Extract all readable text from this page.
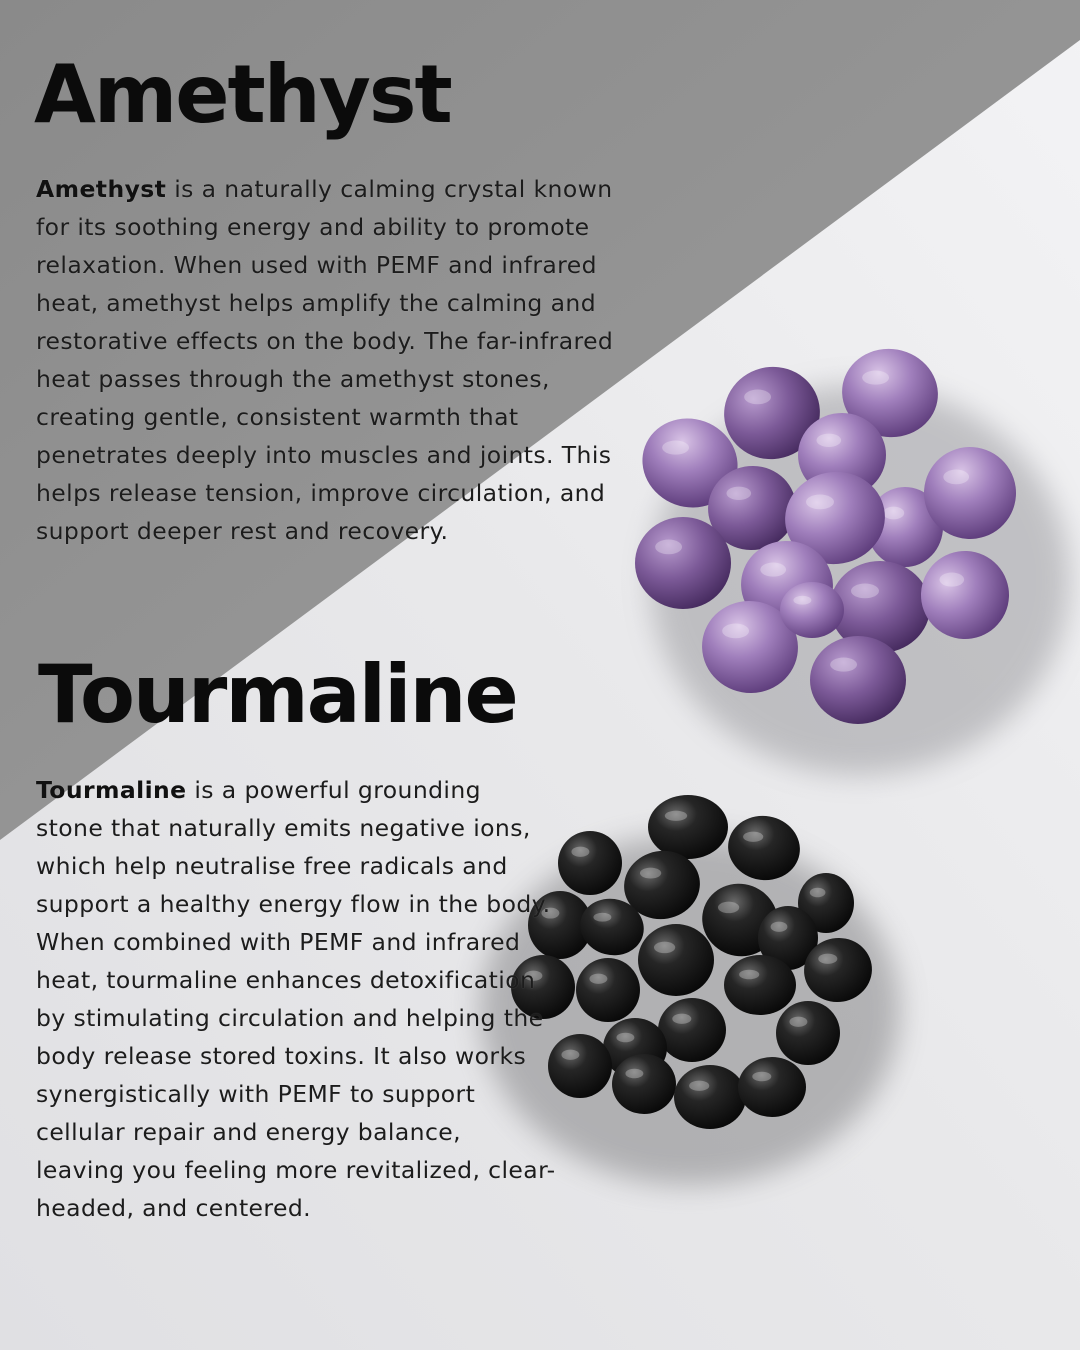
Amethyst

Amethyst is a naturally calming crystal known for its soothing energy and ability to promote relaxation. When used with PEMF and infrared heat, amethyst helps amplify the calming and restorative effects on the body. The far-infrared heat passes through the amethyst stones, creating gentle, consistent warmth that penetrates deeply into muscles and joints. This helps release tension, improve circulation, and support deeper rest and recovery.

Tourmaline

Tourmaline is a powerful grounding stone that naturally emits negative ions, which help neutralise free radicals and support a healthy energy flow in the body. When combined with PEMF and infrared heat, tourmaline enhances detoxification by stimulating circulation and helping the body release stored toxins. It also works synergistically with PEMF to support cellular repair and energy balance, leaving you feeling more revitalized, clear-headed, and centered.
